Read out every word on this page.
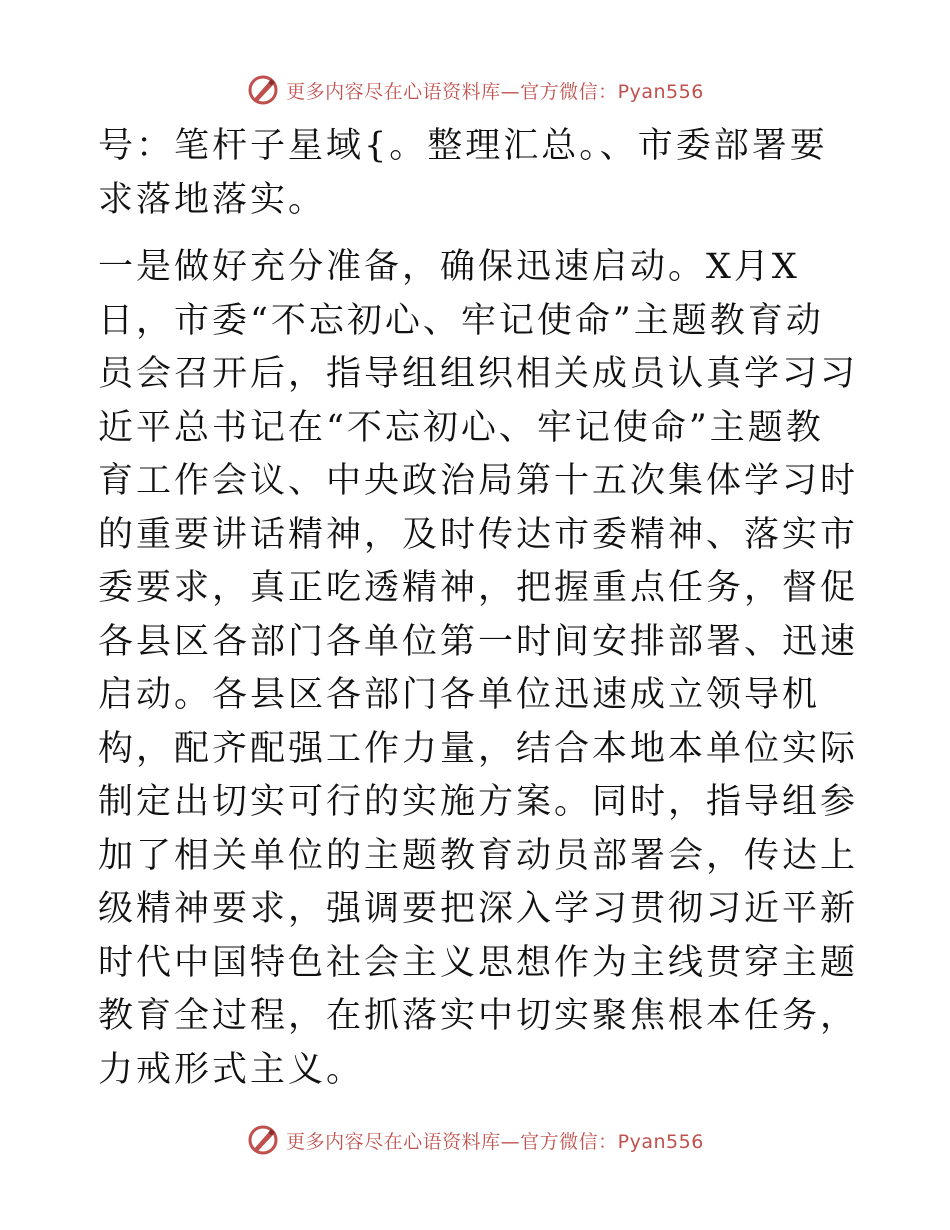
更多内容尽在心语资料库—官方微信：Pyan556

号：笔杆子星域{。整理汇总。、市委部署要求落地落实。

一是做好充分准备，确保迅速启动。X月X日，市委“不忘初心、牢记使命”主题教育动员会召开后，指导组组织相关成员认真学习习近平总书记在“不忘初心、牢记使命”主题教育工作会议、中央政治局第十五次集体学习时的重要讲话精神，及时传达市委精神、落实市委要求，真正吃透精神，把握重点任务，督促各县区各部门各单位第一时间安排部署、迅速启动。各县区各部门各单位迅速成立领导机构，配齐配强工作力量，结合本地本单位实际制定出切实可行的实施方案。同时，指导组参加了相关单位的主题教育动员部署会，传达上级精神要求，强调要把深入学习贯彻习近平新时代中国特色社会主义思想作为主线贯穿主题教育全过程，在抓落实中切实聚焦根本任务，力戒形式主义。

更多内容尽在心语资料库—官方微信：Pyan556
